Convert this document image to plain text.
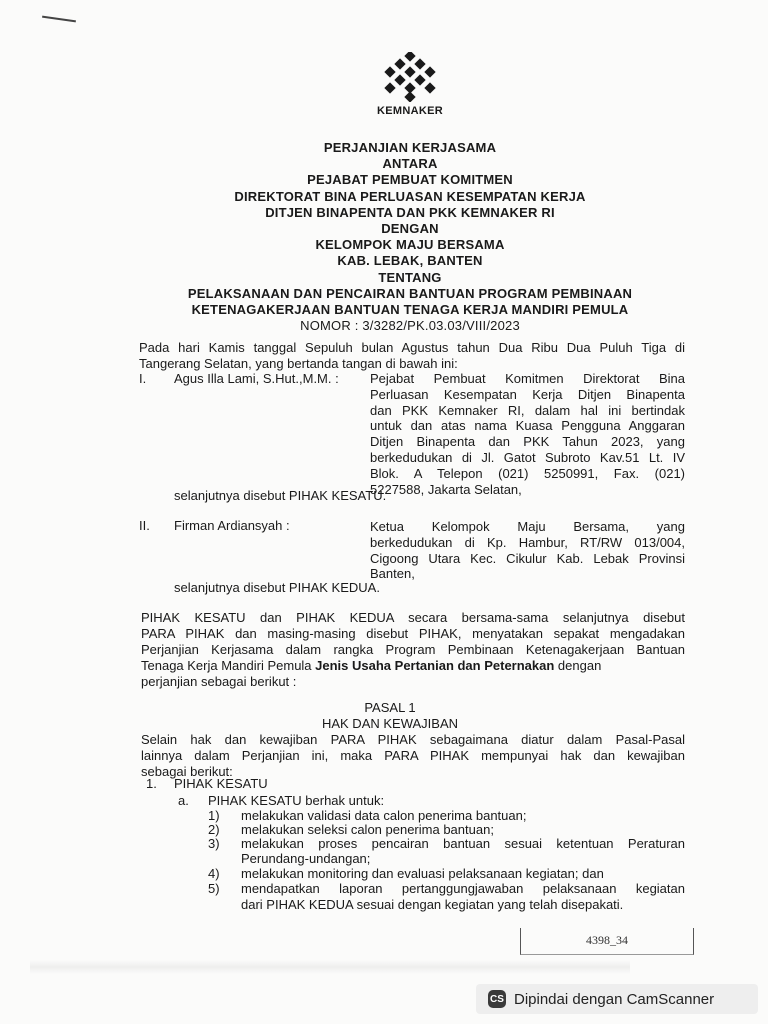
KEMNAKER
PERJANJIAN KERJASAMA
ANTARA
PEJABAT PEMBUAT KOMITMEN
DIREKTORAT BINA PERLUASAN KESEMPATAN KERJA
DITJEN BINAPENTA DAN PKK KEMNAKER RI
DENGAN
KELOMPOK MAJU BERSAMA
KAB. LEBAK, BANTEN
TENTANG
PELAKSANAAN DAN PENCAIRAN BANTUAN PROGRAM PEMBINAAN
KETENAGAKERJAAN BANTUAN TENAGA KERJA MANDIRI PEMULA
NOMOR : 3/3282/PK.03.03/VIII/2023
Pada hari Kamis tanggal Sepuluh bulan Agustus tahun Dua Ribu Dua Puluh Tiga di
Tangerang Selatan, yang bertanda tangan di bawah ini:
I. Agus Illa Lami, S.Hut.,M.M. : Pejabat Pembuat Komitmen Direktorat Bina
Perluasan Kesempatan Kerja Ditjen Binapenta
dan PKK Kemnaker RI, dalam hal ini bertindak
untuk dan atas nama Kuasa Pengguna Anggaran
Ditjen Binapenta dan PKK Tahun 2023, yang
berkedudukan di Jl. Gatot Subroto Kav.51 Lt. IV
Blok. A Telepon (021) 5250991, Fax. (021)
5227588, Jakarta Selatan,
selanjutnya disebut PIHAK KESATU.
II. Firman Ardiansyah :	Ketua Kelompok Maju Bersama, yang
berkedudukan di Kp. Hambur, RT/RW 013/004,
Cigoong Utara Kec. Cikulur Kab. Lebak Provinsi
Banten,
selanjutnya disebut PIHAK KEDUA.
PIHAK KESATU dan PIHAK KEDUA secara bersama-sama selanjutnya disebut
PARA PIHAK dan masing-masing disebut PIHAK, menyatakan sepakat mengadakan
Perjanjian Kerjasama dalam rangka Program Pembinaan Ketenagakerjaan Bantuan
Tenaga Kerja Mandiri Pemula Jenis Usaha Pertanian dan Peternakan dengan
perjanjian sebagai berikut :
PASAL 1
HAK DAN KEWAJIBAN
Selain hak dan kewajiban PARA PIHAK sebagaimana diatur dalam Pasal-Pasal
lainnya dalam Perjanjian ini, maka PARA PIHAK mempunyai hak dan kewajiban
sebagai berikut:
1. PIHAK KESATU
a. PIHAK KESATU berhak untuk:
1) melakukan validasi data calon penerima bantuan;
2) melakukan seleksi calon penerima bantuan;
3) melakukan proses pencairan bantuan sesuai ketentuan Peraturan
Perundang-undangan;
4) melakukan monitoring dan evaluasi pelaksanaan kegiatan; dan
5) mendapatkan laporan pertanggungjawaban pelaksanaan kegiatan
dari PIHAK KEDUA sesuai dengan kegiatan yang telah disepakati.
4398_34
CS Dipindai dengan CamScanner
